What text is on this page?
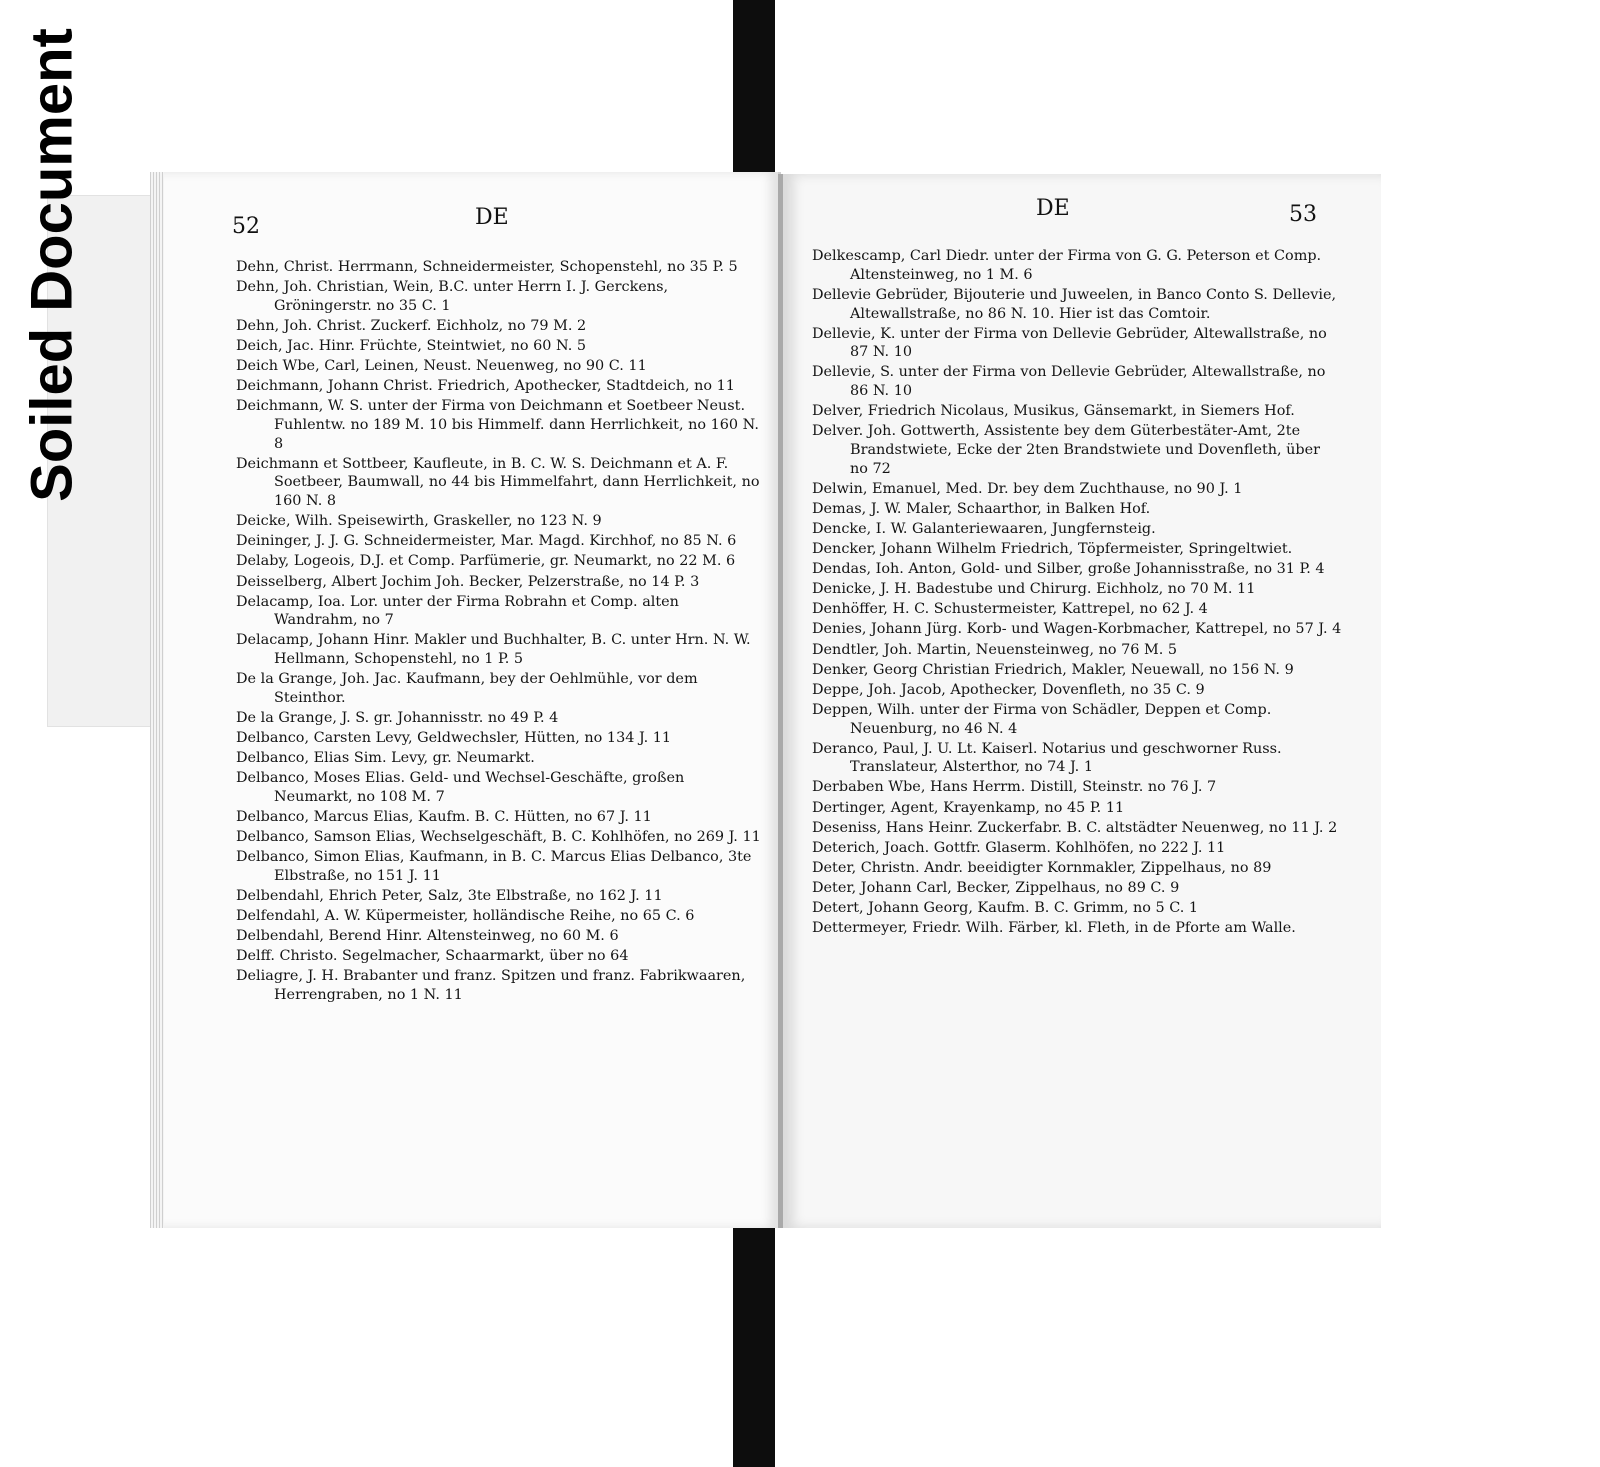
Soiled Document	52	DE	DE	53
Dehn, Christ. Herrmann, Schneidermeister, Schopenstehl, no 35 P. 5
Dehn, Joh. Christian, Wein, B.C. unter Herrn I. J. Gerckens, Gröningerstr. no 35 C. 1
Dehn, Joh. Christ. Zuckerf. Eichholz, no 79 M. 2
Deich, Jac. Hinr. Früchte, Steintwiet, no 60 N. 5
Deich Wbe, Carl, Leinen, Neust. Neuenweg, no 90 C. 11
Deichmann, Johann Christ. Friedrich, Apothecker, Stadtdeich, no 11
Deichmann, W. S. unter der Firma von Deichmann et Soetbeer Neust. Fuhlentw. no 189 M. 10 bis Himmelf. dann Herrlichkeit, no 160 N. 8
Deichmann et Sottbeer, Kaufleute, in B. C. W. S. Deichmann et A. F. Soetbeer, Baumwall, no 44 bis Himmelfahrt, dann Herrlichkeit, no 160 N. 8
Deicke, Wilh. Speisewirth, Graskeller, no 123 N. 9
Deininger, J. J. G. Schneidermeister, Mar. Magd. Kirchhof, no 85 N. 6
Delaby, Logeois, D.J. et Comp. Parfümerie, gr. Neumarkt, no 22 M. 6
Deisselberg, Albert Jochim Joh. Becker, Pelzerstraße, no 14 P. 3
Delacamp, Ioa. Lor. unter der Firma Robrahn et Comp. alten Wandrahm, no 7
Delacamp, Johann Hinr. Makler und Buchhalter, B. C. unter Hrn. N. W. Hellmann, Schopenstehl, no 1 P. 5
De la Grange, Joh. Jac. Kaufmann, bey der Oehlmühle, vor dem Steinthor.
De la Grange, J. S. gr. Johannisstr. no 49 P. 4
Delbanco, Carsten Levy, Geldwechsler, Hütten, no 134 J. 11
Delbanco, Elias Sim. Levy, gr. Neumarkt.
Delbanco, Moses Elias. Geld- und Wechsel-Geschäfte, großen Neumarkt, no 108 M. 7
Delbanco, Marcus Elias, Kaufm. B. C. Hütten, no 67 J. 11
Delbanco, Samson Elias, Wechselgeschäft, B. C. Kohlhöfen, no 269 J. 11
Delbanco, Simon Elias, Kaufmann, in B. C. Marcus Elias Delbanco, 3te Elbstraße, no 151 J. 11
Delbendahl, Ehrich Peter, Salz, 3te Elbstraße, no 162 J. 11
Delfendahl, A. W. Küpermeister, holländische Reihe, no 65 C. 6
Delbendahl, Berend Hinr. Altensteinweg, no 60 M. 6
Delff. Christo. Segelmacher, Schaarmarkt, über no 64
Deliagre, J. H. Brabanter und franz. Spitzen und franz. Fabrikwaaren, Herrengraben, no 1 N. 11
Delkescamp, Carl Diedr. unter der Firma von G. G. Peterson et Comp. Altensteinweg, no 1 M. 6
Dellevie Gebrüder, Bijouterie und Juweelen, in Banco Conto S. Dellevie, Altewallstraße, no 86 N. 10. Hier ist das Comtoir.
Dellevie, K. unter der Firma von Dellevie Gebrüder, Altewallstraße, no 87 N. 10
Dellevie, S. unter der Firma von Dellevie Gebrüder, Altewallstraße, no 86 N. 10
Delver, Friedrich Nicolaus, Musikus, Gänsemarkt, in Siemers Hof.
Delver. Joh. Gottwerth, Assistente bey dem Güterbestäter-Amt, 2te Brandstwiete, Ecke der 2ten Brandstwiete und Dovenfleth, über no 72
Delwin, Emanuel, Med. Dr. bey dem Zuchthause, no 90 J. 1
Demas, J. W. Maler, Schaarthor, in Balken Hof.
Dencke, I. W. Galanteriewaaren, Jungfernsteig.
Dencker, Johann Wilhelm Friedrich, Töpfermeister, Springeltwiet.
Dendas, Ioh. Anton, Gold- und Silber, große Johannisstraße, no 31 P. 4
Denicke, J. H. Badestube und Chirurg. Eichholz, no 70 M. 11
Denhöffer, H. C. Schustermeister, Kattrepel, no 62 J. 4
Denies, Johann Jürg. Korb- und Wagen-Korbmacher, Kattrepel, no 57 J. 4
Dendtler, Joh. Martin, Neuensteinweg, no 76 M. 5
Denker, Georg Christian Friedrich, Makler, Neuewall, no 156 N. 9
Deppe, Joh. Jacob, Apothecker, Dovenfleth, no 35 C. 9
Deppen, Wilh. unter der Firma von Schädler, Deppen et Comp. Neuenburg, no 46 N. 4
Deranco, Paul, J. U. Lt. Kaiserl. Notarius und geschworner Russ. Translateur, Alsterthor, no 74 J. 1
Derbaben Wbe, Hans Herrm. Distill, Steinstr. no 76 J. 7
Dertinger, Agent, Krayenkamp, no 45 P. 11
Deseniss, Hans Heinr. Zuckerfabr. B. C. altstädter Neuenweg, no 11 J. 2
Deterich, Joach. Gottfr. Glaserm. Kohlhöfen, no 222 J. 11
Deter, Christn. Andr. beeidigter Kornmakler, Zippelhaus, no 89
Deter, Johann Carl, Becker, Zippelhaus, no 89 C. 9
Detert, Johann Georg, Kaufm. B. C. Grimm, no 5 C. 1
Dettermeyer, Friedr. Wilh. Färber, kl. Fleth, in de Pforte am Walle.
